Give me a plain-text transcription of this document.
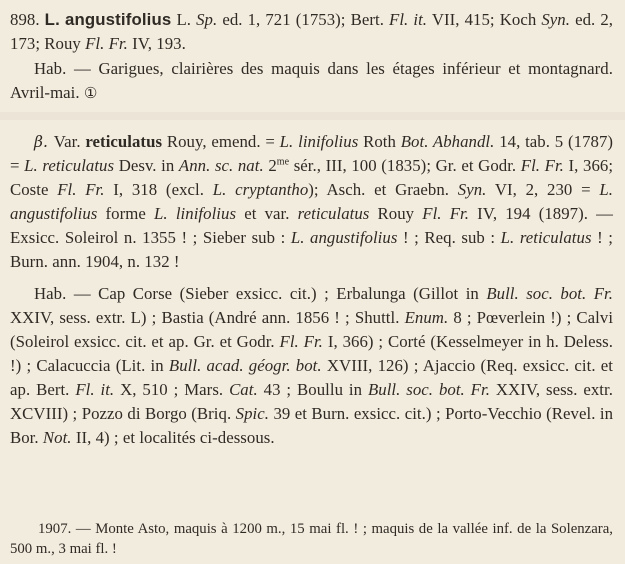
898. L. angustifolius L. Sp. ed. 1, 721 (1753); Bert. Fl. it. VII, 415; Koch Syn. ed. 2, 173; Rouy Fl. Fr. IV, 193.

Hab. — Garigues, clairières des maquis dans les étages inférieur et montagnard. Avril-mai. ①

β. Var. reticulatus Rouy, emend. = L. linifolius Roth Bot. Abhandl. 14, tab. 5 (1787) = L. reticulatus Desv. in Ann. sc. nat. $2^{me}$ sér., III, 100 (1835); Gr. et Godr. Fl. Fr. I, 366; Coste Fl. Fr. I, 318 (excl. L. cryptantho); Asch. et Graebn. Syn. VI, 2, 230 = L. angustifolius forme L. linifolius et var. reticulatus Rouy Fl. Fr. IV, 194 (1897). — Exsicc. Soleirol n. 1355 ! ; Sieber sub : L. angustifolius ! ; Req. sub : L. reticulatus ! ; Burn. ann. 1904, n. 132 !

Hab. — Cap Corse (Sieber exsicc. cit.) ; Erbalunga (Gillot in Bull. soc. bot. Fr. XXIV, sess. extr. L) ; Bastia (André ann. 1856 ! ; Shuttl. Enum. 8 ; Pœverlein !) ; Calvi (Soleirol exsicc. cit. et ap. Gr. et Godr. Fl. Fr. I, 366) ; Corté (Kesselmeyer in h. Deless. !) ; Calacuccia (Lit. in Bull. acad. géogr. bot. XVIII, 126) ; Ajaccio (Req. exsicc. cit. et ap. Bert. Fl. it. X, 510 ; Mars. Cat. 43 ; Boullu in Bull. soc. bot. Fr. XXIV, sess. extr. XCVIII) ; Pozzo di Borgo (Briq. Spic. 39 et Burn. exsicc. cit.) ; Porto-Vecchio (Revel. in Bor. Not. II, 4) ; et localités ci-dessous.

1907. — Monte Asto, maquis à 1200 m., 15 mai fl. ! ; maquis de la vallée inf. de la Solenzara, 500 m., 3 mai fl. !
